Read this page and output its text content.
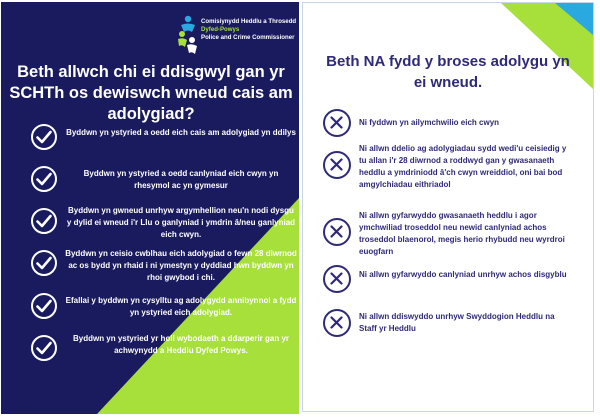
Comisiynydd Heddlu a Throsedd
Dyfed-Powys
Police and Crime Commissioner
Beth allwch chi ei ddisgwyl gan yr SCHTh os dewiswch wneud cais am adolygiad?
Byddwn yn ystyried a oedd eich cais am adolygiad yn ddilys
Byddwn yn ystyried a oedd canlyniad eich cwyn yn rhesymol ac yn gymesur
Byddwn yn gwneud unrhyw argymhellion neu'n nodi dysgu y dylid ei wneud i'r Llu o ganlyniad i ymdrin â/neu ganlyniad eich cwyn.
Byddwn yn ceisio cwblhau eich adolygiad o fewn 28 diwrnod ac os bydd yn rhaid i ni ymestyn y dyddiad hwn byddwn yn rhoi gwybod i chi.
Efallai y byddwn yn cysylltu ag adolygydd annibynnol a fydd yn ystyried eich adolygiad.
Byddwn yn ystyried yr holl wybodaeth a ddarperir gan yr achwynydd a Heddlu Dyfed Powys.
Beth NA fydd y broses adolygu yn ei wneud.
Ni fyddwn yn ailymchwilio eich cwyn
Ni allwn ddelio ag adolygiadau sydd wedi'u ceisiedig y tu allan i'r 28 diwrnod a roddwyd gan y gwasanaeth heddlu a ymdriniodd â'ch cwyn wreiddiol, oni bai bod amgylchiadau eithriadol
Ni allwn gyfarwyddo gwasanaeth heddlu i agor ymchwiliad troseddol neu newid canlyniad achos troseddol blaenorol, megis herio rhybudd neu wyrdroi euogfarn
Ni allwn gyfarwyddo canlyniad unrhyw achos disgyblu
Ni allwn ddiswyddo unrhyw Swyddogion Heddlu na Staff yr Heddlu
